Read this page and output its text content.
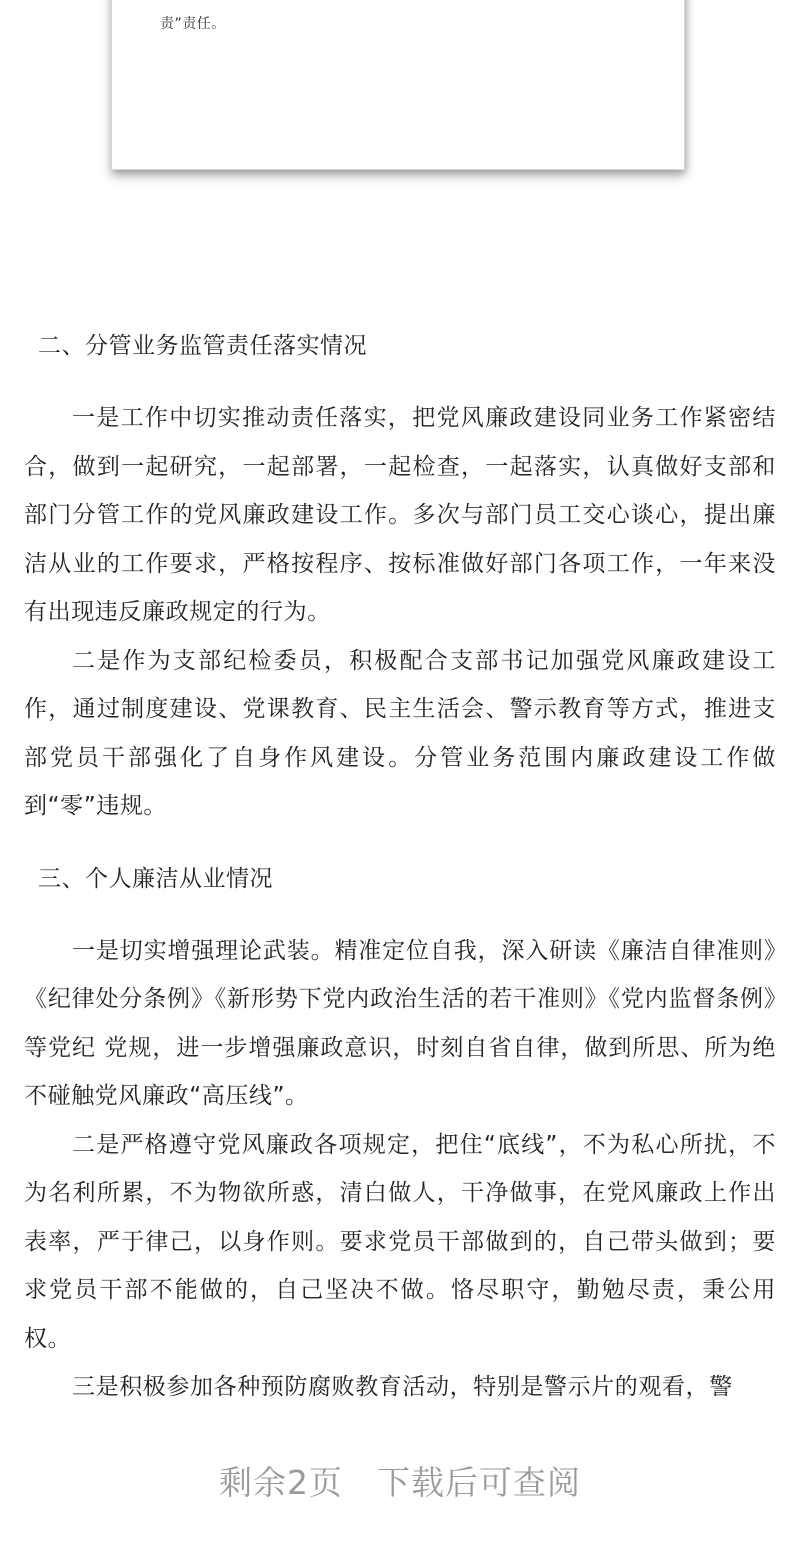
责”责任。
二、分管业务监管责任落实情况

一是工作中切实推动责任落实，把党风廉政建设同业务工作紧密结合，做到一起研究，一起部署，一起检查，一起落实，认真做好支部和部门分管工作的党风廉政建设工作。多次与部门员工交心谈心，提出廉洁从业的工作要求，严格按程序、按标准做好部门各项工作，一年来没有出现违反廉政规定的行为。

二是作为支部纪检委员，积极配合支部书记加强党风廉政建设工作，通过制度建设、党课教育、民主生活会、警示教育等方式，推进支部党员干部强化了自身作风建设。分管业务范围内廉政建设工作做到“零”违规。

三、个人廉洁从业情况

一是切实增强理论武装。精准定位自我，深入研读《廉洁自律准则》《纪律处分条例》《新形势下党内政治生活的若干准则》《党内监督条例》等党纪 党规，进一步增强廉政意识，时刻自省自律，做到所思、所为绝不碰触党风廉政“高压线”。

二是严格遵守党风廉政各项规定，把住“底线”，不为私心所扰，不为名利所累，不为物欲所惑，清白做人，干净做事，在党风廉政上作出表率，严于律己，以身作则。要求党员干部做到的，自己带头做到；要求党员干部不能做的，自己坚决不做。恪尽职守，勤勉尽责，秉公用权。

三是积极参加各种预防腐败教育活动，特别是警示片的观看，警

剩余2页　下载后可查阅
